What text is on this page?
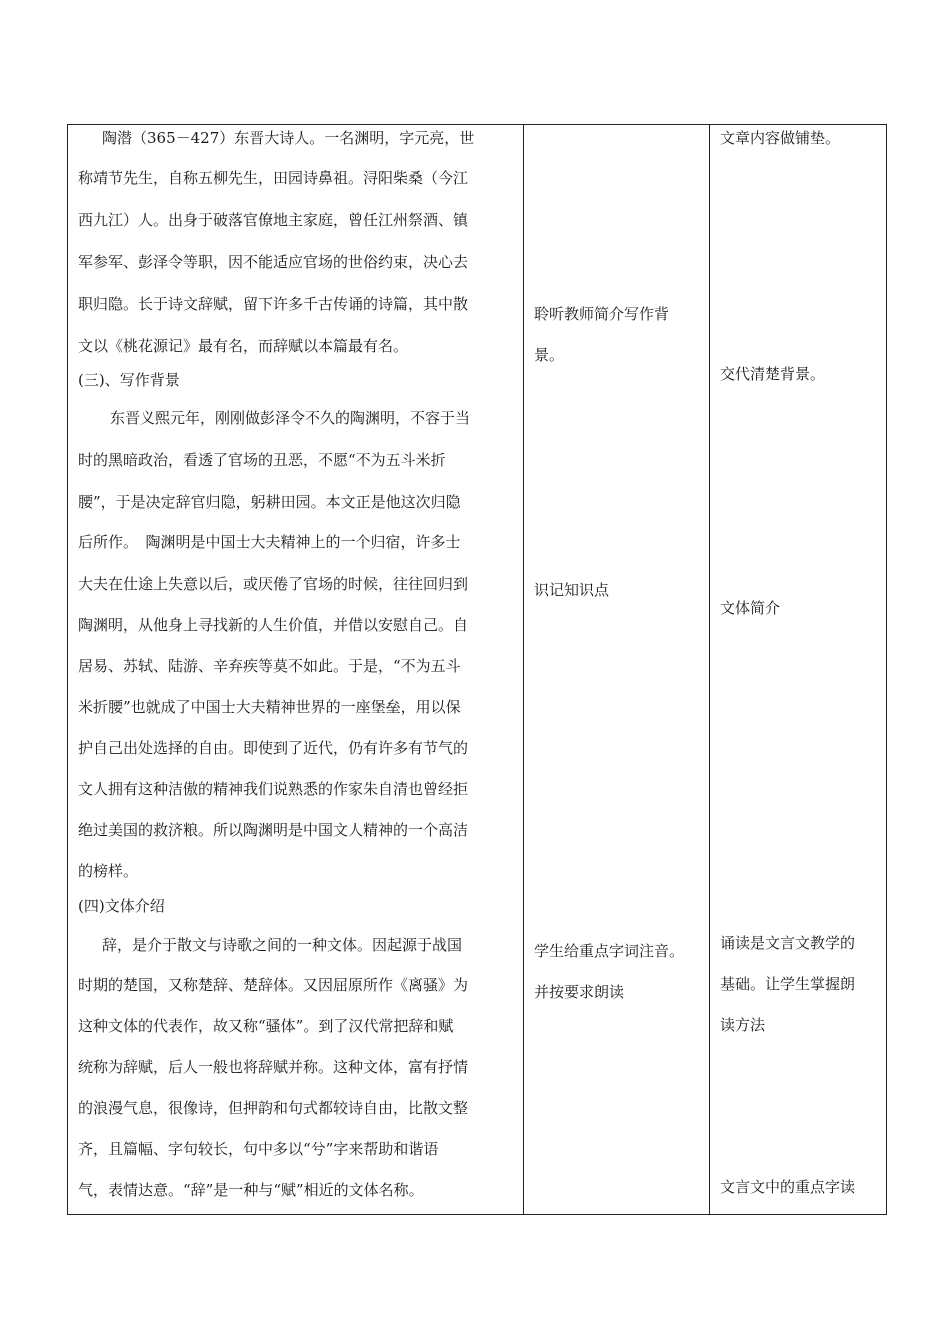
陶潜（365－427）东晋大诗人。一名渊明，字元亮，世
称靖节先生，自称五柳先生，田园诗鼻祖。浔阳柴桑（今江
西九江）人。出身于破落官僚地主家庭，曾任江州祭酒、镇
军参军、彭泽令等职，因不能适应官场的世俗约束，决心去
职归隐。长于诗文辞赋，留下许多千古传诵的诗篇，其中散
文以《桃花源记》最有名，而辞赋以本篇最有名。
(三)、写作背景
东晋义熙元年，刚刚做彭泽令不久的陶渊明，不容于当
时的黑暗政治，看透了官场的丑恶，不愿“不为五斗米折
腰”，于是决定辞官归隐，躬耕田园。本文正是他这次归隐
后所作。　陶渊明是中国士大夫精神上的一个归宿，许多士
大夫在仕途上失意以后，或厌倦了官场的时候，往往回归到
陶渊明，从他身上寻找新的人生价值，并借以安慰自己。自
居易、苏轼、陆游、辛弃疾等莫不如此。于是，“不为五斗
米折腰”也就成了中国士大夫精神世界的一座堡垒，用以保
护自己出处选择的自由。即使到了近代，仍有许多有节气的
文人拥有这种洁傲的精神我们说熟悉的作家朱自清也曾经拒
绝过美国的救济粮。所以陶渊明是中国文人精神的一个高洁
的榜样。
(四)文体介绍
辞，是介于散文与诗歌之间的一种文体。因起源于战国
时期的楚国，又称楚辞、楚辞体。又因屈原所作《离骚》为
这种文体的代表作，故又称“骚体”。到了汉代常把辞和赋
统称为辞赋，后人一般也将辞赋并称。这种文体，富有抒情
的浪漫气息，很像诗，但押韵和句式都较诗自由，比散文整
齐，且篇幅、字句较长，句中多以“兮”字来帮助和谐语
气，表情达意。“辞”是一种与“赋”相近的文体名称。
聆听教师简介写作背
景。
识记知识点
学生给重点字词注音。
并按要求朗读
文章内容做铺垫。
交代清楚背景。
文体简介
诵读是文言文教学的
基础。让学生掌握朗
读方法
文言文中的重点字读
